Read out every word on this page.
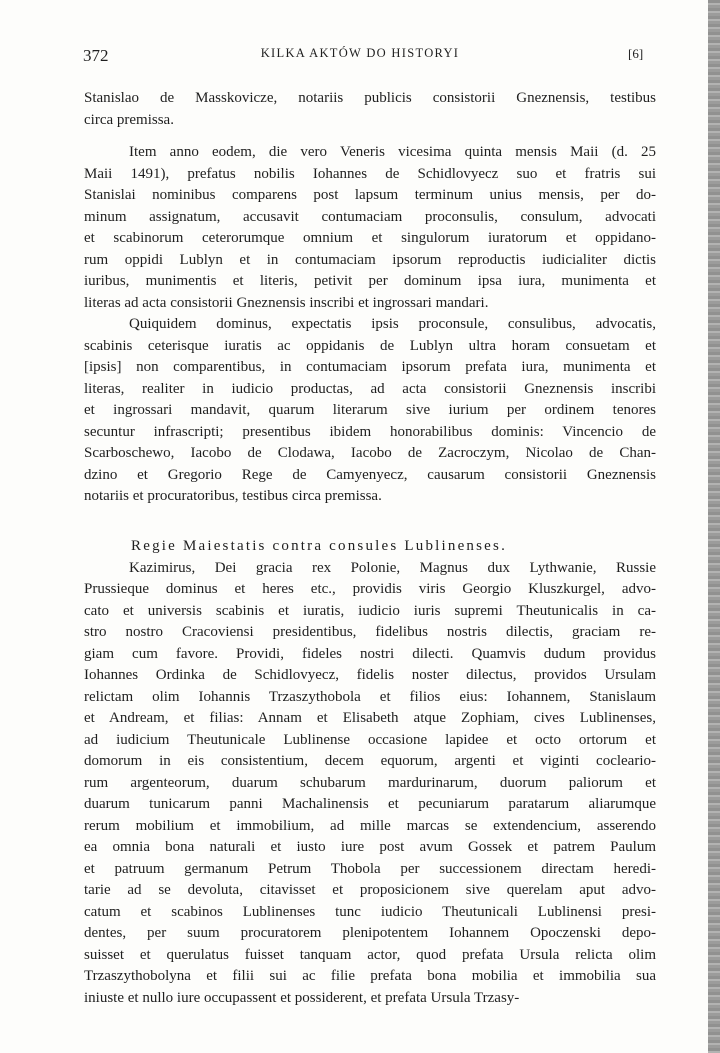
372	KILKA AKTÓW DO HISTORYI	[6]
Stanislao de Masskovicze, notariis publicis consistorii Gneznensis, testibus
circa premissa.
Item anno eodem, die vero Veneris vicesima quinta mensis Maii (d. 25
Maii 1491), prefatus nobilis Iohannes de Schidlovyecz suo et fratris sui
Stanislai nominibus comparens post lapsum terminum unius mensis, per do-
minum assignatum, accusavit contumaciam proconsulis, consulum, advocati
et scabinorum ceterorumque omnium et singulorum iuratorum et oppidano-
rum oppidi Lublyn et in contumaciam ipsorum reproductis iudicialiter dictis
iuribus, munimentis et literis, petivit per dominum ipsa iura, munimenta et
literas ad acta consistorii Gneznensis inscribi et ingrossari mandari.
Quiquidem dominus, expectatis ipsis proconsule, consulibus, advocatis,
scabinis ceterisque iuratis ac oppidanis de Lublyn ultra horam consuetam et
[ipsis] non comparentibus, in contumaciam ipsorum prefata iura, munimenta et
literas, realiter in iudicio productas, ad acta consistorii Gneznensis inscribi
et ingrossari mandavit, quarum literarum sive iurium per ordinem tenores
secuntur infrascripti; presentibus ibidem honorabilibus dominis: Vincencio de
Scarboschewo, Iacobo de Clodawa, Iacobo de Zacroczym, Nicolao de Chan-
dzino et Gregorio Rege de Camyenyecz, causarum consistorii Gneznensis
notariis et procuratoribus, testibus circa premissa.
Regie Maiestatis contra consules Lublinenses.
Kazimirus, Dei gracia rex Polonie, Magnus dux Lythwanie, Russie
Prussieque dominus et heres etc., providis viris Georgio Kluszkurgel, advo-
cato et universis scabinis et iuratis, iudicio iuris supremi Theutunicalis in ca-
stro nostro Cracoviensi presidentibus, fidelibus nostris dilectis, graciam re-
giam cum favore. Providi, fideles nostri dilecti. Quamvis dudum providus
Iohannes Ordinka de Schidlovyecz, fidelis noster dilectus, providos Ursulam
relictam olim Iohannis Trzaszythobola et filios eius: Iohannem, Stanislaum
et Andream, et filias: Annam et Elisabeth atque Zophiam, cives Lublinenses,
ad iudicium Theutunicale Lublinense occasione lapidee et octo ortorum et
domorum in eis consistentium, decem equorum, argenti et viginti cocleario-
rum argenteorum, duarum schubarum mardurinarum, duorum paliorum et
duarum tunicarum panni Machalinensis et pecuniarum paratarum aliarumque
rerum mobilium et immobilium, ad mille marcas se extendencium, asserendo
ea omnia bona naturali et iusto iure post avum Gossek et patrem Paulum
et patruum germanum Petrum Thobola per successionem directam heredi-
tarie ad se devoluta, citavisset et proposicionem sive querelam aput advo-
catum et scabinos Lublinenses tunc iudicio Theutunicali Lublinensi presi-
dentes, per suum procuratorem plenipotentem Iohannem Opoczenski depo-
suisset et querulatus fuisset tanquam actor, quod prefata Ursula relicta olim
Trzaszythobolyna et filii sui ac filie prefata bona mobilia et immobilia sua
iniuste et nullo iure occupassent et possiderent, et prefata Ursula Trzasy-
